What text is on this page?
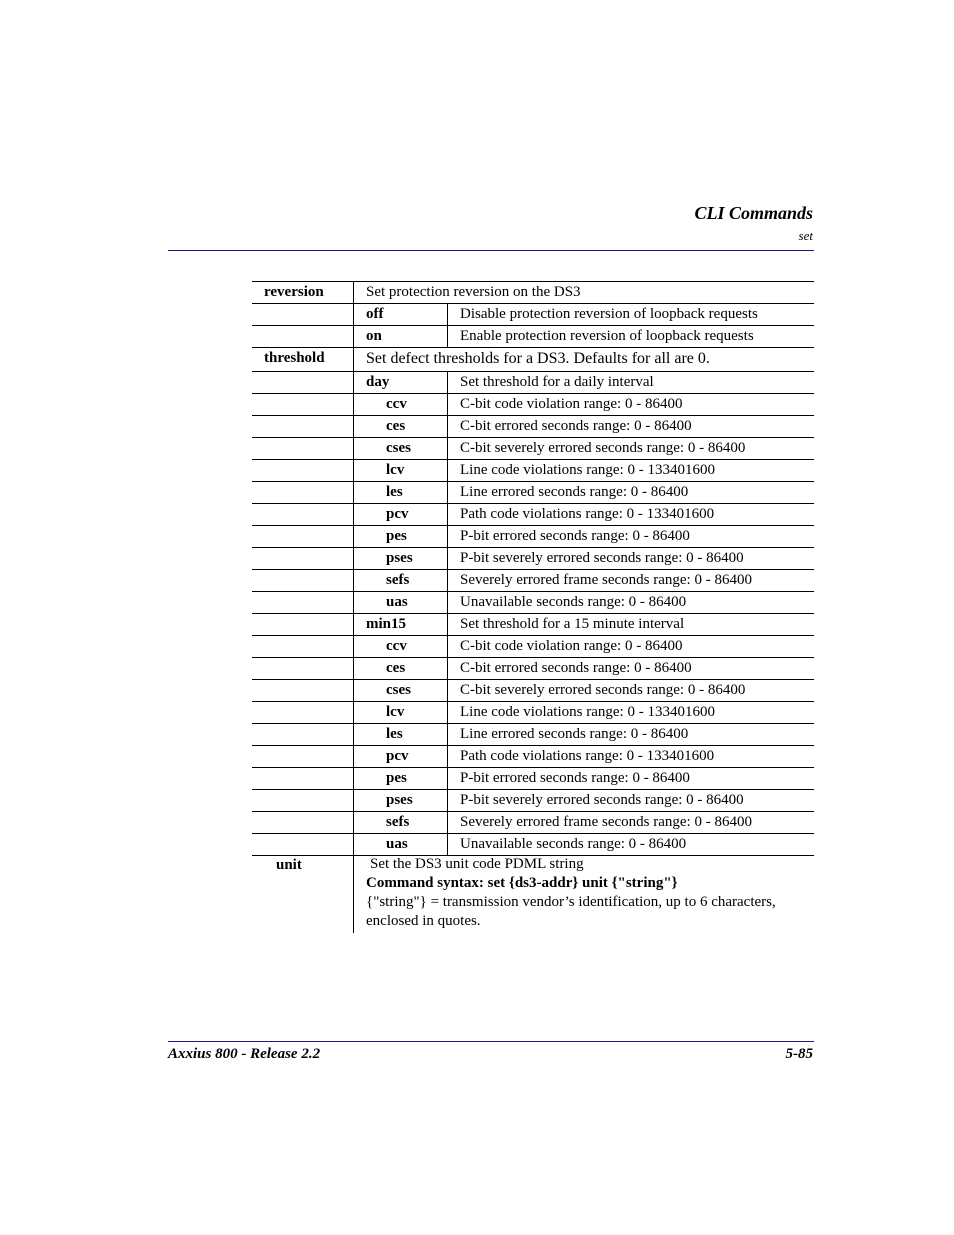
CLI Commands
set
reversion	Set protection reversion on the DS3
off	Disable protection reversion of loopback requests
on	Enable protection reversion of loopback requests
threshold	Set defect thresholds for a DS3. Defaults for all are 0.
day	Set threshold for a daily interval
ccv	C-bit code violation range: 0 - 86400
ces	C-bit errored seconds range: 0 - 86400
cses	C-bit severely errored seconds range: 0 - 86400
lcv	Line code violations range: 0 - 133401600
les	Line errored seconds range: 0 - 86400
pcv	Path code violations range: 0 - 133401600
pes	P-bit errored seconds range: 0 - 86400
pses	P-bit severely errored seconds range: 0 - 86400
sefs	Severely errored frame seconds range: 0 - 86400
uas	Unavailable seconds range: 0 - 86400
min15	Set threshold for a 15 minute interval
ccv	C-bit code violation range: 0 - 86400
ces	C-bit errored seconds range: 0 - 86400
cses	C-bit severely errored seconds range: 0 - 86400
lcv	Line code violations range: 0 - 133401600
les	Line errored seconds range: 0 - 86400
pcv	Path code violations range: 0 - 133401600
pes	P-bit errored seconds range: 0 - 86400
pses	P-bit severely errored seconds range: 0 - 86400
sefs	Severely errored frame seconds range: 0 - 86400
uas	Unavailable seconds range: 0 - 86400
unit	Set the DS3 unit code PDML string
Command syntax: set {ds3-addr} unit {"string"}
{"string"} = transmission vendor’s identification, up to 6 characters, enclosed in quotes.
Axxius 800 - Release 2.2	5-85
